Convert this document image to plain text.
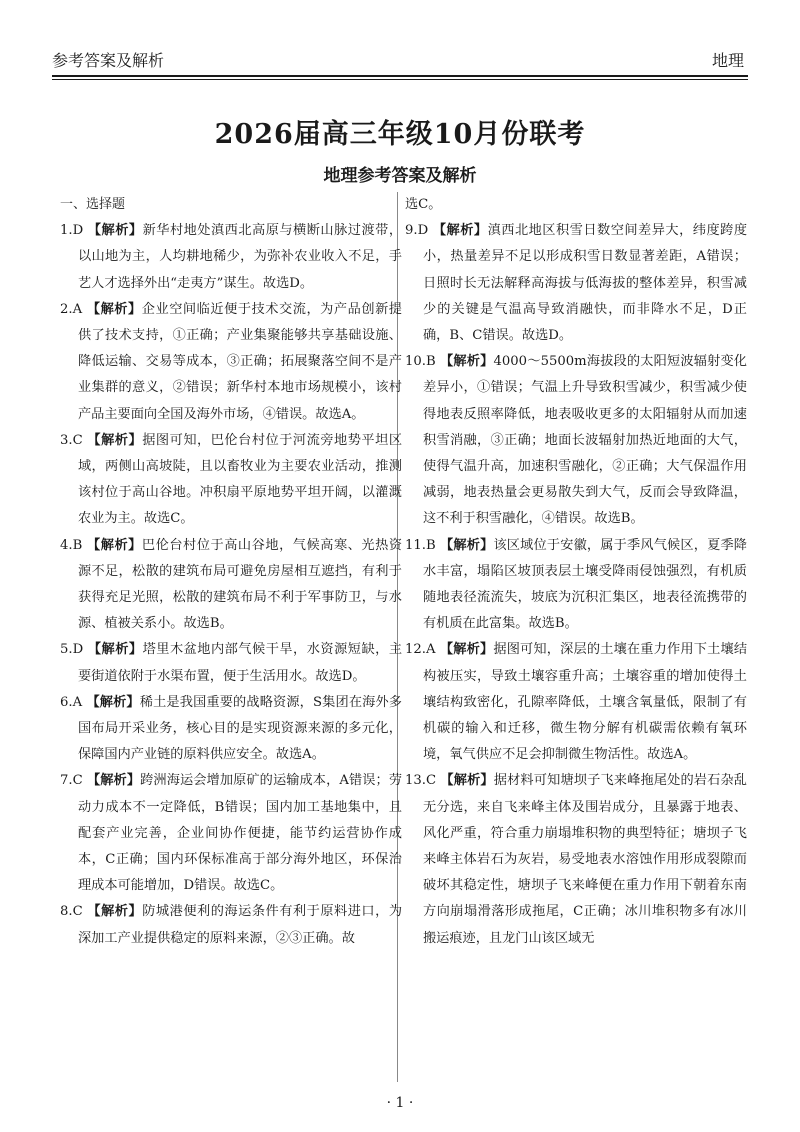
参考答案及解析	地理
2026届高三年级10月份联考
地理参考答案及解析

一、选择题

1.D 【解析】新华村地处滇西北高原与横断山脉过渡带，以山地为主，人均耕地稀少，为弥补农业收入不足，手艺人才选择外出“走夷方”谋生。故选D。

2.A 【解析】企业空间临近便于技术交流，为产品创新提供了技术支持，①正确；产业集聚能够共享基础设施、降低运输、交易等成本，③正确；拓展聚落空间不是产业集群的意义，②错误；新华村本地市场规模小，该村产品主要面向全国及海外市场，④错误。故选A。

3.C 【解析】据图可知，巴伦台村位于河流旁地势平坦区域，两侧山高坡陡，且以畜牧业为主要农业活动，推测该村位于高山谷地。冲积扇平原地势平坦开阔，以灌溉农业为主。故选C。

4.B 【解析】巴伦台村位于高山谷地，气候高寒、光热资源不足，松散的建筑布局可避免房屋相互遮挡，有利于获得充足光照，松散的建筑布局不利于军事防卫，与水源、植被关系小。故选B。

5.D 【解析】塔里木盆地内部气候干旱，水资源短缺，主要街道依附于水渠布置，便于生活用水。故选D。

6.A 【解析】稀土是我国重要的战略资源，S集团在海外多国布局开采业务，核心目的是实现资源来源的多元化，保障国内产业链的原料供应安全。故选A。

7.C 【解析】跨洲海运会增加原矿的运输成本，A错误；劳动力成本不一定降低，B错误；国内加工基地集中，且配套产业完善，企业间协作便捷，能节约运营协作成本，C正确；国内环保标准高于部分海外地区，环保治理成本可能增加，D错误。故选C。

8.C 【解析】防城港便利的海运条件有利于原料进口，为深加工产业提供稳定的原料来源，②③正确。故

选C。

9.D 【解析】滇西北地区积雪日数空间差异大，纬度跨度小，热量差异不足以形成积雪日数显著差距，A错误；日照时长无法解释高海拔与低海拔的整体差异，积雪减少的关键是气温高导致消融快，而非降水不足，D正确，B、C错误。故选D。

10.B 【解析】4000～5500m海拔段的太阳短波辐射变化差异小，①错误；气温上升导致积雪减少，积雪减少使得地表反照率降低，地表吸收更多的太阳辐射从而加速积雪消融，③正确；地面长波辐射加热近地面的大气，使得气温升高，加速积雪融化，②正确；大气保温作用减弱，地表热量会更易散失到大气，反而会导致降温，这不利于积雪融化，④错误。故选B。

11.B 【解析】该区域位于安徽，属于季风气候区，夏季降水丰富，塌陷区坡顶表层土壤受降雨侵蚀强烈，有机质随地表径流流失，坡底为沉积汇集区，地表径流携带的有机质在此富集。故选B。

12.A 【解析】据图可知，深层的土壤在重力作用下土壤结构被压实，导致土壤容重升高；土壤容重的增加使得土壤结构致密化，孔隙率降低，土壤含氧量低，限制了有机碳的输入和迁移，微生物分解有机碳需依赖有氧环境，氧气供应不足会抑制微生物活性。故选A。

13.C 【解析】据材料可知塘坝子飞来峰拖尾处的岩石杂乱无分选，来自飞来峰主体及围岩成分，且暴露于地表、风化严重，符合重力崩塌堆积物的典型特征；塘坝子飞来峰主体岩石为灰岩，易受地表水溶蚀作用形成裂隙而破坏其稳定性，塘坝子飞来峰便在重力作用下朝着东南方向崩塌滑落形成拖尾，C正确；冰川堆积物多有冰川搬运痕迹，且龙门山该区域无

· 1 ·
